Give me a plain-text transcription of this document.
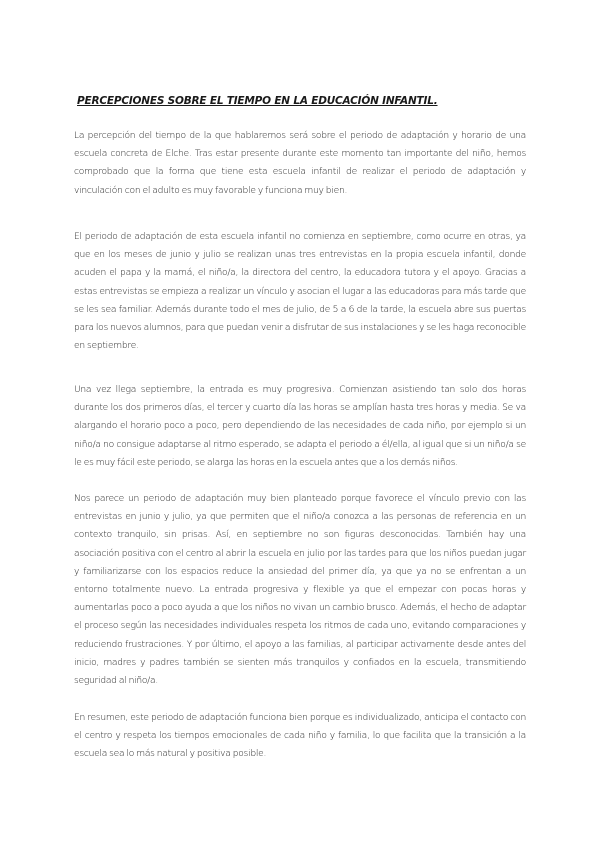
PERCEPCIONES SOBRE EL TIEMPO EN LA EDUCACIÓN INFANTIL.

La percepción del tiempo de la que hablaremos será sobre el periodo de adaptación y horario de una escuela concreta de Elche. Tras estar presente durante este momento tan importante del niño, hemos comprobado que la forma que tiene esta escuela infantil de realizar el periodo de adaptación y vinculación con el adulto es muy favorable y funciona muy bien.

El periodo de adaptación de esta escuela infantil no comienza en septiembre, como ocurre en otras, ya que en los meses de junio y julio se realizan unas tres entrevistas en la propia escuela infantil, donde acuden el papa y la mamá, el niño/a, la directora del centro, la educadora tutora y el apoyo. Gracias a estas entrevistas se empieza a realizar un vínculo y asocian el lugar a las educadoras para más tarde que se les sea familiar. Además durante todo el mes de julio, de 5 a 6 de la tarde, la escuela abre sus puertas para los nuevos alumnos, para que puedan venir a disfrutar de sus instalaciones y se les haga reconocible en septiembre.

Una vez llega septiembre, la entrada es muy progresiva. Comienzan asistiendo tan solo dos horas durante los dos primeros días, el tercer y cuarto día las horas se amplían hasta tres horas y media. Se va alargando el horario poco a poco, pero dependiendo de las necesidades de cada niño, por ejemplo si un niño/a no consigue adaptarse al ritmo esperado, se adapta el periodo a él/ella, al igual que si un niño/a se le es muy fácil este periodo, se alarga las horas en la escuela antes que a los demás niños.

Nos parece un periodo de adaptación muy bien planteado porque favorece el vínculo previo con las entrevistas en junio y julio, ya que permiten que el niño/a conozca a las personas de referencia en un contexto tranquilo, sin prisas. Así, en septiembre no son figuras desconocidas. También hay una asociación positiva con el centro al abrir la escuela en julio por las tardes para que los niños puedan jugar y familiarizarse con los espacios reduce la ansiedad del primer día, ya que ya no se enfrentan a un entorno totalmente nuevo. La entrada progresiva y flexible ya que el empezar con pocas horas y aumentarlas poco a poco ayuda a que los niños no vivan un cambio brusco. Además, el hecho de adaptar el proceso según las necesidades individuales respeta los ritmos de cada uno, evitando comparaciones y reduciendo frustraciones. Y por último, el apoyo a las familias, al participar activamente desde antes del inicio, madres y padres también se sienten más tranquilos y confiados en la escuela, transmitiendo seguridad al niño/a.

En resumen, este periodo de adaptación funciona bien porque es individualizado, anticipa el contacto con el centro y respeta los tiempos emocionales de cada niño y familia, lo que facilita que la transición a la escuela sea lo más natural y positiva posible.
